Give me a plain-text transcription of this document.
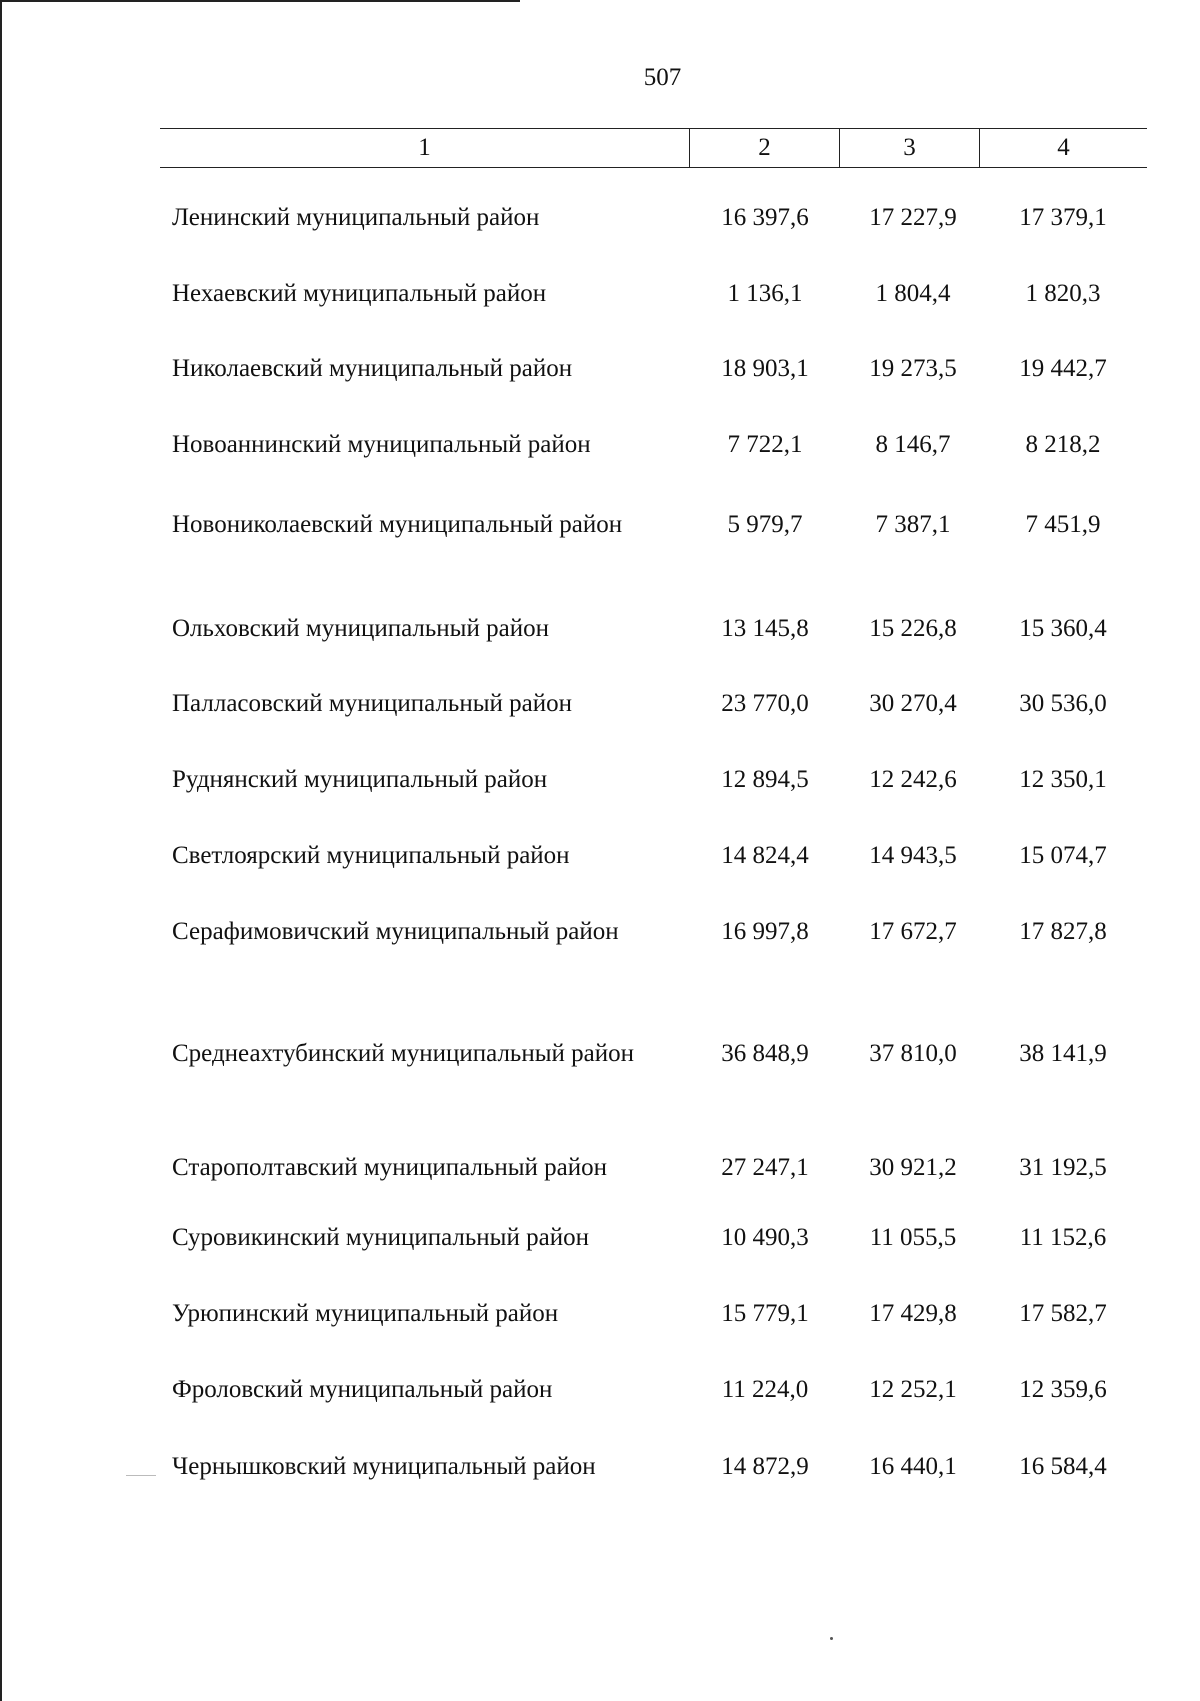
507
1	2	3	4
Ленинский муниципальный район	16 397,6	17 227,9	17 379,1
Нехаевский муниципальный район	1 136,1	1 804,4	1 820,3
Николаевский муниципальный район	18 903,1	19 273,5	19 442,7
Новоаннинский муниципальный район	7 722,1	8 146,7	8 218,2
Новониколаевский муниципальный район	5 979,7	7 387,1	7 451,9
Ольховский муниципальный район	13 145,8	15 226,8	15 360,4
Палласовский муниципальный район	23 770,0	30 270,4	30 536,0
Руднянский муниципальный район	12 894,5	12 242,6	12 350,1
Светлоярский муниципальный район	14 824,4	14 943,5	15 074,7
Серафимовичский муниципальный район	16 997,8	17 672,7	17 827,8
Среднеахтубинский муниципальный район	36 848,9	37 810,0	38 141,9
Старополтавский муниципальный район	27 247,1	30 921,2	31 192,5
Суровикинский муниципальный район	10 490,3	11 055,5	11 152,6
Урюпинский муниципальный район	15 779,1	17 429,8	17 582,7
Фроловский муниципальный район	11 224,0	12 252,1	12 359,6
Чернышковский муниципальный район	14 872,9	16 440,1	16 584,4
